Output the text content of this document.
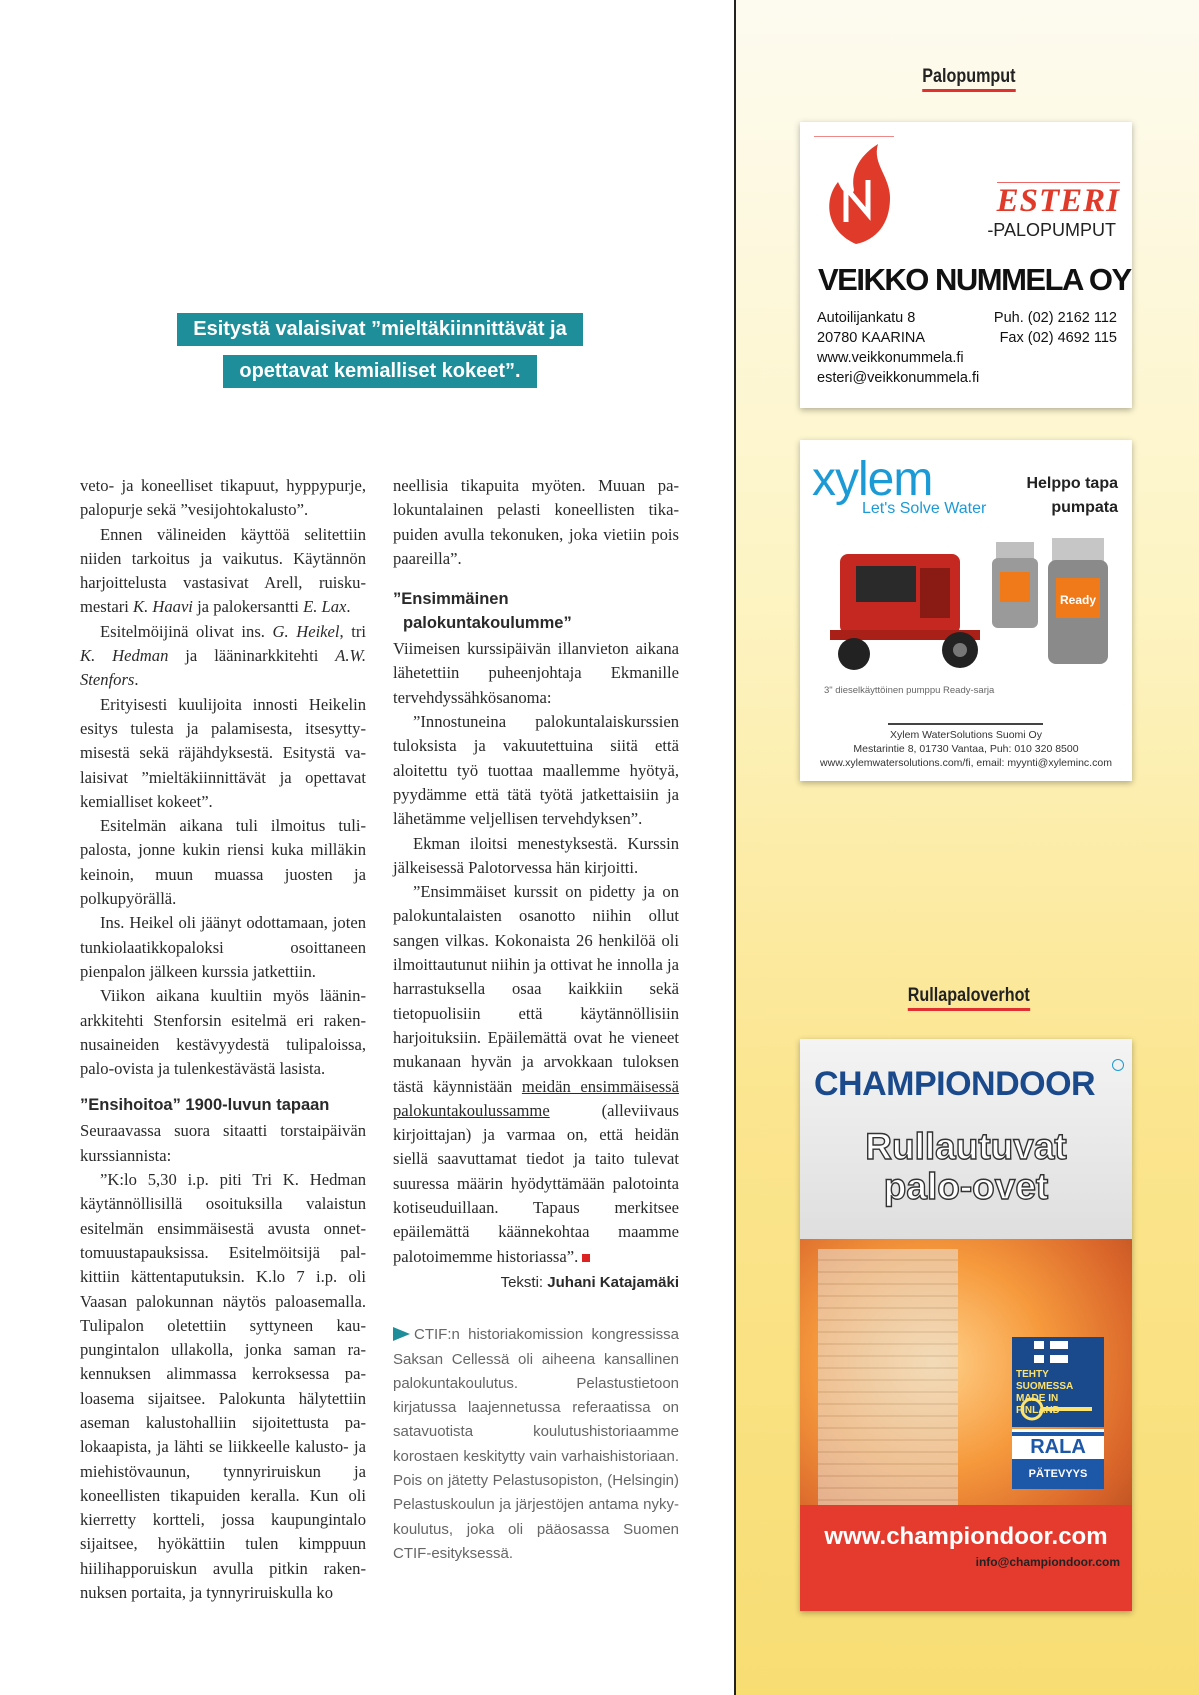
Esitystä valaisivat ”mieltäkiinnittävät ja
opettavat kemialliset kokeet”.

veto- ja koneelliset tikapuut, hyppypurje, palopurje sekä ”vesijohtokalusto”.

Ennen välineiden käyttöä selitettiin niiden tarkoitus ja vaikutus. Käytännön harjoittelusta vastasivat Arell, ruiskumestari K. Haavi ja palokersantti E. Lax.

Esitelmöijinä olivat ins. G. Heikel, tri K. Hedman ja lääninarkkitehti A.W. Stenfors.

Erityisesti kuulijoita innosti Heikelin esitys tulesta ja palamisesta, itsesyttymisestä sekä räjähdyksestä. Esitystä valaisivat ”mieltäkiinnittävät ja opettavat kemialliset kokeet”.

Esitelmän aikana tuli ilmoitus tulipalosta, jonne kukin riensi kuka milläkin keinoin, muun muassa juosten ja polkupyörällä.

Ins. Heikel oli jäänyt odottamaan, joten tunkiolaatikkopaloksi osoittaneen pienpalon jälkeen kurssia jatkettiin.

Viikon aikana kuultiin myös lääninarkkitehti Stenforsin esitelmä eri rakennusaineiden kestävyydestä tulipaloissa, palo-ovista ja tulenkestävästä lasista.

”Ensihoitoa” 1900-luvun tapaan

Seuraavassa suora sitaatti torstaipäivän kurssiannista:

”K:lo 5,30 i.p. piti Tri K. Hedman käytännöllisillä osoituksilla valaistun esitelmän ensimmäisestä avusta onnettomuustapauksissa. Esitelmöitsijä palkittiin kättentaputuksin. K.lo 7 i.p. oli Vaasan palokunnan näytös paloasemalla. Tulipalon oletettiin syttyneen kaupungintalon ullakolla, jonka saman rakennuksen alimmassa kerroksessa paloasema sijaitsee. Palokunta hälytettiin aseman kalustohalliin sijoitettusta palokaapista, ja lähti se liikkeelle kalusto- ja miehistövaunun, tynnyriruiskun ja koneellisten tikapuiden keralla. Kun oli kierretty kortteli, jossa kaupungintalo sijaitsee, hyökättiin tulen kimppuun hiilihapporuiskun avulla pitkin rakennuksen portaita, ja tynnyriruiskulla ko

neellisia tikapuita myöten. Muuan palokuntalainen pelasti koneellisten tikapuiden avulla tekonuken, joka vietiin pois paareilla”.

”Ensimmäinen
palokuntakoulumme”

Viimeisen kurssipäivän illanvieton aikana lähetettiin puheenjohtaja Ekmanille tervehdyssähkösanoma:

”Innostuneina palokuntalaiskurssien tuloksista ja vakuutettuina siitä että aloitettu työ tuottaa maallemme hyötyä, pyydämme että tätä työtä jatkettaisiin ja lähetämme veljellisen tervehdyksen”.

Ekman iloitsi menestyksestä. Kurssin jälkeisessä Palotorvessa hän kirjoitti.

”Ensimmäiset kurssit on pidetty ja on palokuntalaisten osanotto niihin ollut sangen vilkas. Kokonaista 26 henkilöä oli ilmoittautunut niihin ja ottivat he innolla ja harrastuksella osaa kaikkiin sekä tietopuolisiin että käytännöllisiin harjoituksiin. Epäilemättä ovat he vieneet mukanaan hyvän ja arvokkaan tuloksen tästä käynnistään meidän ensimmäisessä palokuntakoulussamme (alleviivaus kirjoittajan) ja varmaa on, että heidän siellä saavuttamat tiedot ja taito tulevat suuressa määrin hyödyttämään palotointa kotiseuduillaan. Tapaus merkitsee epäilemättä käännekohtaa maamme palotoimemme historiassa”.

Teksti: Juhani Katajamäki

CTIF:n historiakomission kongressissa Saksan Cellessä oli aiheena kansallinen palokuntakoulutus. Pelastustietoon kirjatussa laajennetussa referaatissa on satavuotista koulutushistoriaamme korostaen keskitytty vain varhaishistoriaan. Pois on jätetty Pelastusopiston, (Helsingin) Pelastuskoulun ja järjestöjen antama nykykoulutus, joka oli pääosassa Suomen CTIF-esityksessä.

Palopumput
ESTERI
-PALOPUMPUT
VEIKKO NUMMELA OY
Autoilijankatu 8	Puh. (02) 2162 112
20780 KAARINA	Fax (02) 4692 115
www.veikkonummela.fi
esteri@veikkonummela.fi
xylem
Let's Solve Water
Helppo tapa
pumpata
Ready
3" dieselkäyttöinen pumppu Ready-sarja
Xylem WaterSolutions Suomi Oy
Mestarintie 8, 01730 Vantaa, Puh: 010 320 8500
www.xylemwatersolutions.com/fi, email: myynti@xyleminc.com
Rullapaloverhot
CHAMPIONDOOR
Rullautuvat
palo-ovet
TEHTY SUOMESSA MADE IN FINLAND
RALA
PÄTEVYYS
www.championdoor.com
info@championdoor.com
